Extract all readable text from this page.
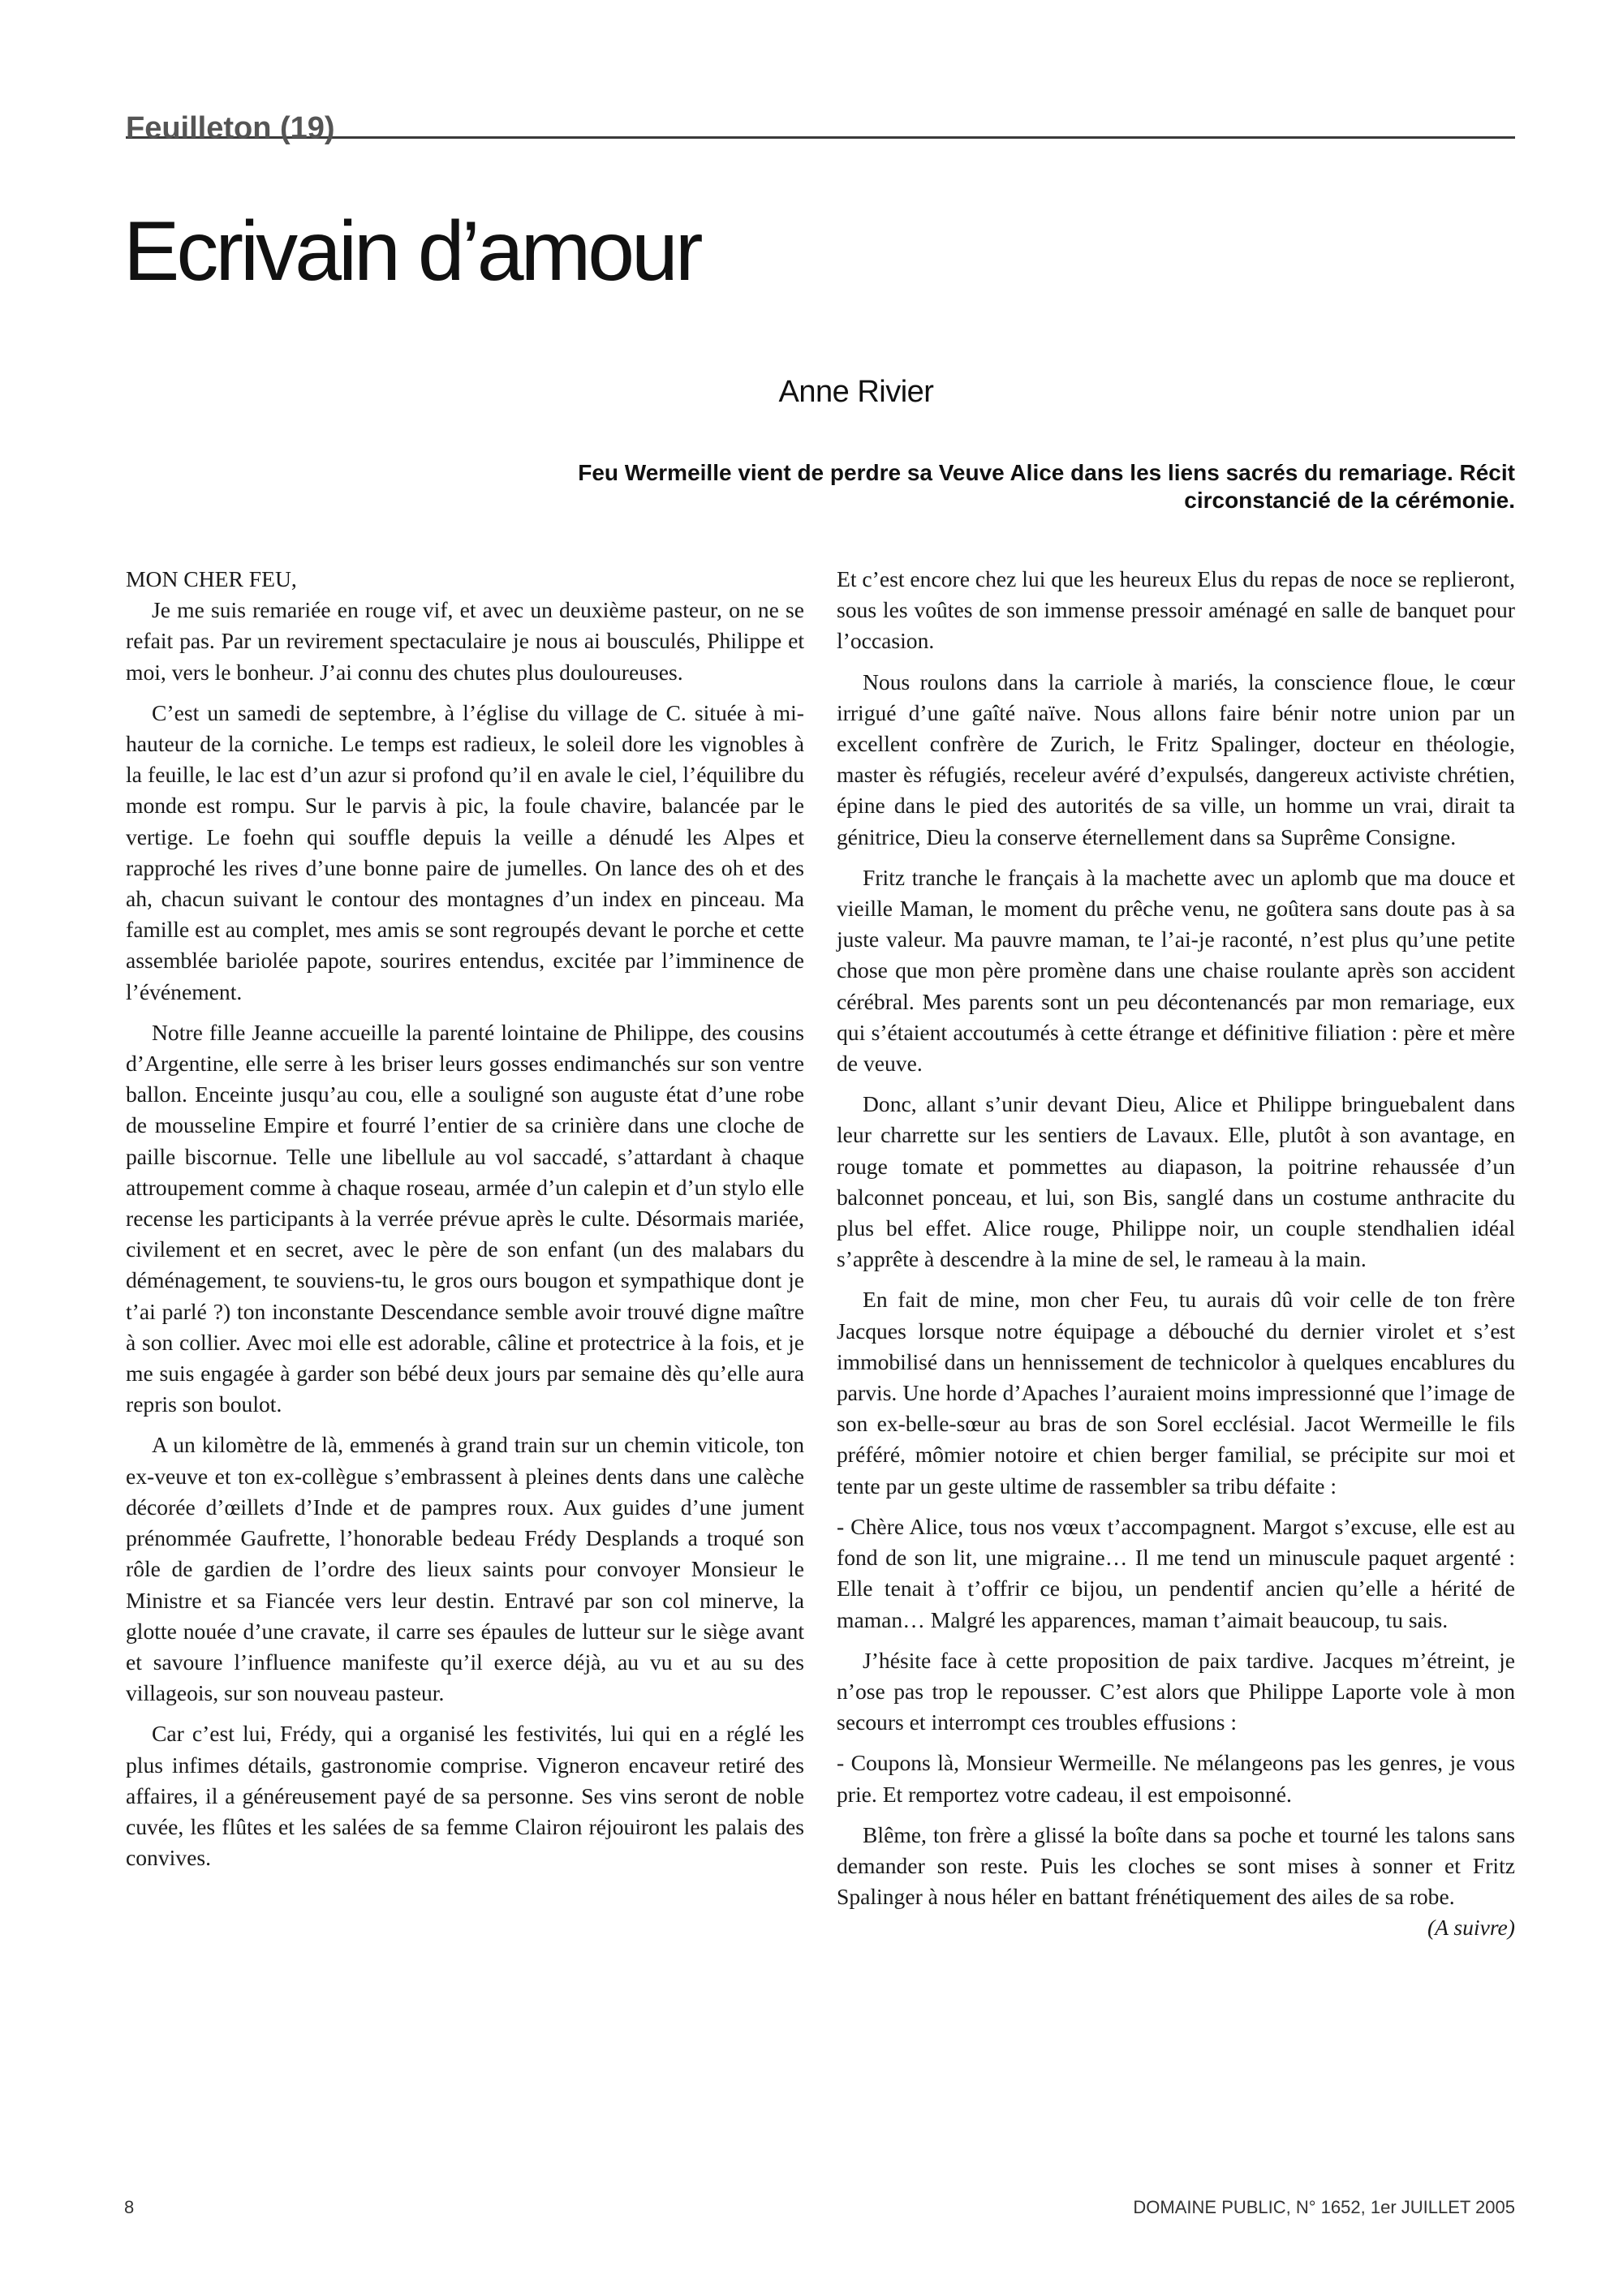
Feuilleton (19)
Ecrivain d’amour
Anne Rivier
Feu Wermeille vient de perdre sa Veuve Alice dans les liens sacrés du remariage. Récit circonstancié de la cérémonie.

MON CHER FEU,

Je me suis remariée en rouge vif, et avec un deuxième pasteur, on ne se refait pas. Par un revirement spectaculaire je nous ai bousculés, Philippe et moi, vers le bonheur. J’ai connu des chutes plus douloureuses.

C’est un samedi de septembre, à l’église du village de C. située à mi-hauteur de la corniche. Le temps est radieux, le soleil dore les vignobles à la feuille, le lac est d’un azur si profond qu’il en avale le ciel, l’équilibre du monde est rompu. Sur le parvis à pic, la foule chavire, balancée par le vertige. Le foehn qui souffle depuis la veille a dénudé les Alpes et rapproché les rives d’une bonne paire de jumelles. On lance des oh et des ah, chacun suivant le contour des montagnes d’un index en pinceau. Ma famille est au complet, mes amis se sont regroupés devant le porche et cette assemblée bariolée papote, sourires entendus, excitée par l’imminence de l’événement.

Notre fille Jeanne accueille la parenté lointaine de Philippe, des cousins d’Argentine, elle serre à les briser leurs gosses endimanchés sur son ventre ballon. Enceinte jusqu’au cou, elle a souligné son auguste état d’une robe de mousseline Empire et fourré l’entier de sa crinière dans une cloche de paille biscornue. Telle une libellule au vol saccadé, s’attardant à chaque attroupement comme à chaque roseau, armée d’un calepin et d’un stylo elle recense les participants à la verrée prévue après le culte. Désormais mariée, civilement et en secret, avec le père de son enfant (un des malabars du déménagement, te souviens-tu, le gros ours bougon et sympathique dont je t’ai parlé ?) ton inconstante Descendance semble avoir trouvé digne maître à son collier. Avec moi elle est adorable, câline et protectrice à la fois, et je me suis engagée à garder son bébé deux jours par semaine dès qu’elle aura repris son boulot.

A un kilomètre de là, emmenés à grand train sur un chemin viticole, ton ex-veuve et ton ex-collègue s’embrassent à pleines dents dans une calèche décorée d’œillets d’Inde et de pampres roux. Aux guides d’une jument prénommée Gaufrette, l’honorable bedeau Frédy Desplands a troqué son rôle de gardien de l’ordre des lieux saints pour convoyer Monsieur le Ministre et sa Fiancée vers leur destin. Entravé par son col minerve, la glotte nouée d’une cravate, il carre ses épaules de lutteur sur le siège avant et savoure l’influence manifeste qu’il exerce déjà, au vu et au su des villageois, sur son nouveau pasteur.

Car c’est lui, Frédy, qui a organisé les festivités, lui qui en a réglé les plus infimes détails, gastronomie comprise. Vigneron encaveur retiré des affaires, il a généreusement payé de sa personne. Ses vins seront de noble cuvée, les flûtes et les salées de sa femme Clairon réjouiront les palais des convives.

Et c’est encore chez lui que les heureux Elus du repas de noce se replieront, sous les voûtes de son immense pressoir aménagé en salle de banquet pour l’occasion.

Nous roulons dans la carriole à mariés, la conscience floue, le cœur irrigué d’une gaîté naïve. Nous allons faire bénir notre union par un excellent confrère de Zurich, le Fritz Spalinger, docteur en théologie, master ès réfugiés, receleur avéré d’expulsés, dangereux activiste chrétien, épine dans le pied des autorités de sa ville, un homme un vrai, dirait ta génitrice, Dieu la conserve éternellement dans sa Suprême Consigne.

Fritz tranche le français à la machette avec un aplomb que ma douce et vieille Maman, le moment du prêche venu, ne goûtera sans doute pas à sa juste valeur. Ma pauvre maman, te l’ai-je raconté, n’est plus qu’une petite chose que mon père promène dans une chaise roulante après son accident cérébral. Mes parents sont un peu décontenancés par mon remariage, eux qui s’étaient accoutumés à cette étrange et définitive filiation : père et mère de veuve.

Donc, allant s’unir devant Dieu, Alice et Philippe bringuebalent dans leur charrette sur les sentiers de Lavaux. Elle, plutôt à son avantage, en rouge tomate et pommettes au diapason, la poitrine rehaussée d’un balconnet ponceau, et lui, son Bis, sanglé dans un costume anthracite du plus bel effet. Alice rouge, Philippe noir, un couple stendhalien idéal s’apprête à descendre à la mine de sel, le rameau à la main.

En fait de mine, mon cher Feu, tu aurais dû voir celle de ton frère Jacques lorsque notre équipage a débouché du dernier virolet et s’est immobilisé dans un hennissement de technicolor à quelques encablures du parvis. Une horde d’Apaches l’auraient moins impressionné que l’image de son ex-belle-sœur au bras de son Sorel ecclésial. Jacot Wermeille le fils préféré, mômier notoire et chien berger familial, se précipite sur moi et tente par un geste ultime de rassembler sa tribu défaite :

- Chère Alice, tous nos vœux t’accompagnent. Margot s’excuse, elle est au fond de son lit, une migraine… Il me tend un minuscule paquet argenté : Elle tenait à t’offrir ce bijou, un pendentif ancien qu’elle a hérité de maman… Malgré les apparences, maman t’aimait beaucoup, tu sais.

J’hésite face à cette proposition de paix tardive. Jacques m’étreint, je n’ose pas trop le repousser. C’est alors que Philippe Laporte vole à mon secours et interrompt ces troubles effusions :

- Coupons là, Monsieur Wermeille. Ne mélangeons pas les genres, je vous prie. Et remportez votre cadeau, il est empoisonné.

Blême, ton frère a glissé la boîte dans sa poche et tourné les talons sans demander son reste. Puis les cloches se sont mises à sonner et Fritz Spalinger à nous héler en battant frénétiquement des ailes de sa robe.
(A suivre)

8	DOMAINE PUBLIC, N° 1652, 1er JUILLET 2005
